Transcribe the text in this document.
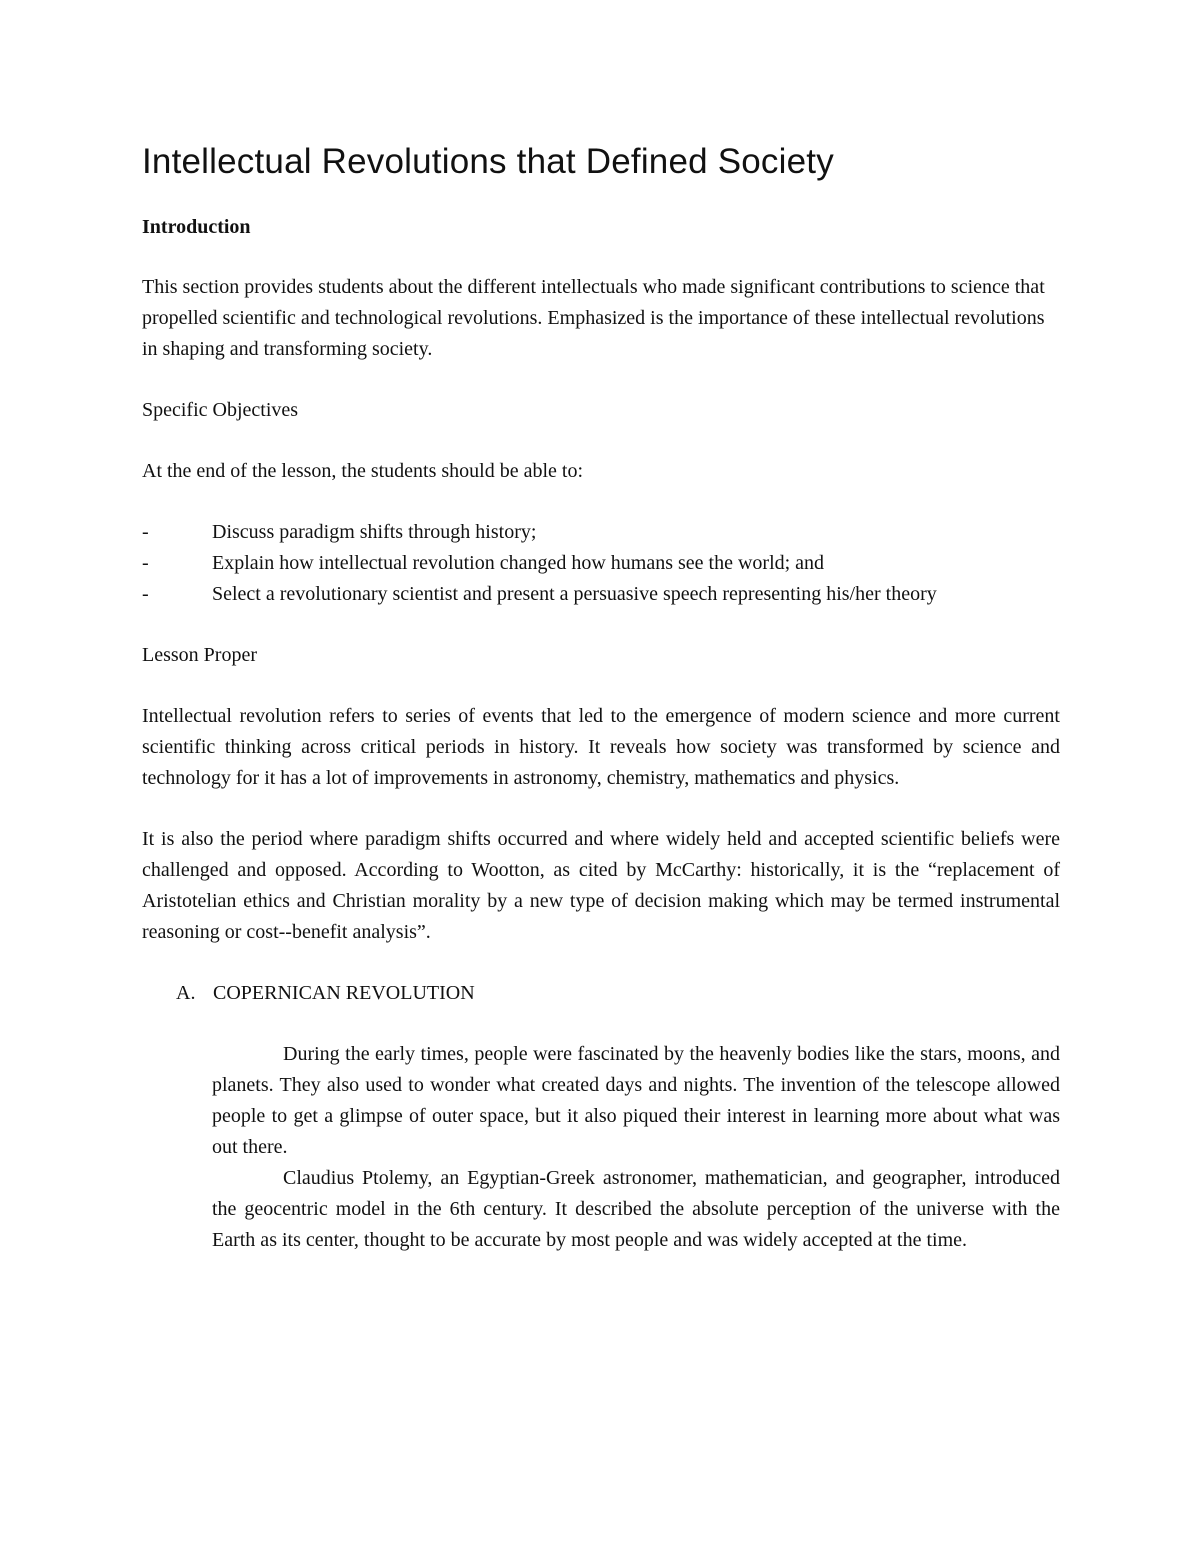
Intellectual Revolutions that Defined Society
Introduction

This section provides students about the different intellectuals who made significant contributions to science that propelled scientific and technological revolutions. Emphasized is the importance of these intellectual revolutions in shaping and transforming society.

Specific Objectives

At the end of the lesson, the students should be able to:

-	Discuss paradigm shifts through history;
-	Explain how intellectual revolution changed how humans see the world; and
-	Select a revolutionary scientist and present a persuasive speech representing his/her theory

Lesson Proper

Intellectual revolution refers to series of events that led to the emergence of modern science and more current scientific thinking across critical periods in history. It reveals how society was transformed by science and technology for it has a lot of improvements in astronomy, chemistry, mathematics and physics.

It is also the period where paradigm shifts occurred and where widely held and accepted scientific beliefs were challenged and opposed. According to Wootton, as cited by McCarthy: historically, it is the “replacement of Aristotelian ethics and Christian morality by a new type of decision making which may be termed instrumental reasoning or cost--benefit analysis”.

A. COPERNICAN REVOLUTION

During the early times, people were fascinated by the heavenly bodies like the stars, moons, and planets. They also used to wonder what created days and nights. The invention of the telescope allowed people to get a glimpse of outer space, but it also piqued their interest in learning more about what was out there.

Claudius Ptolemy, an Egyptian-Greek astronomer, mathematician, and geographer, introduced the geocentric model in the 6th century. It described the absolute perception of the universe with the Earth as its center, thought to be accurate by most people and was widely accepted at the time.
